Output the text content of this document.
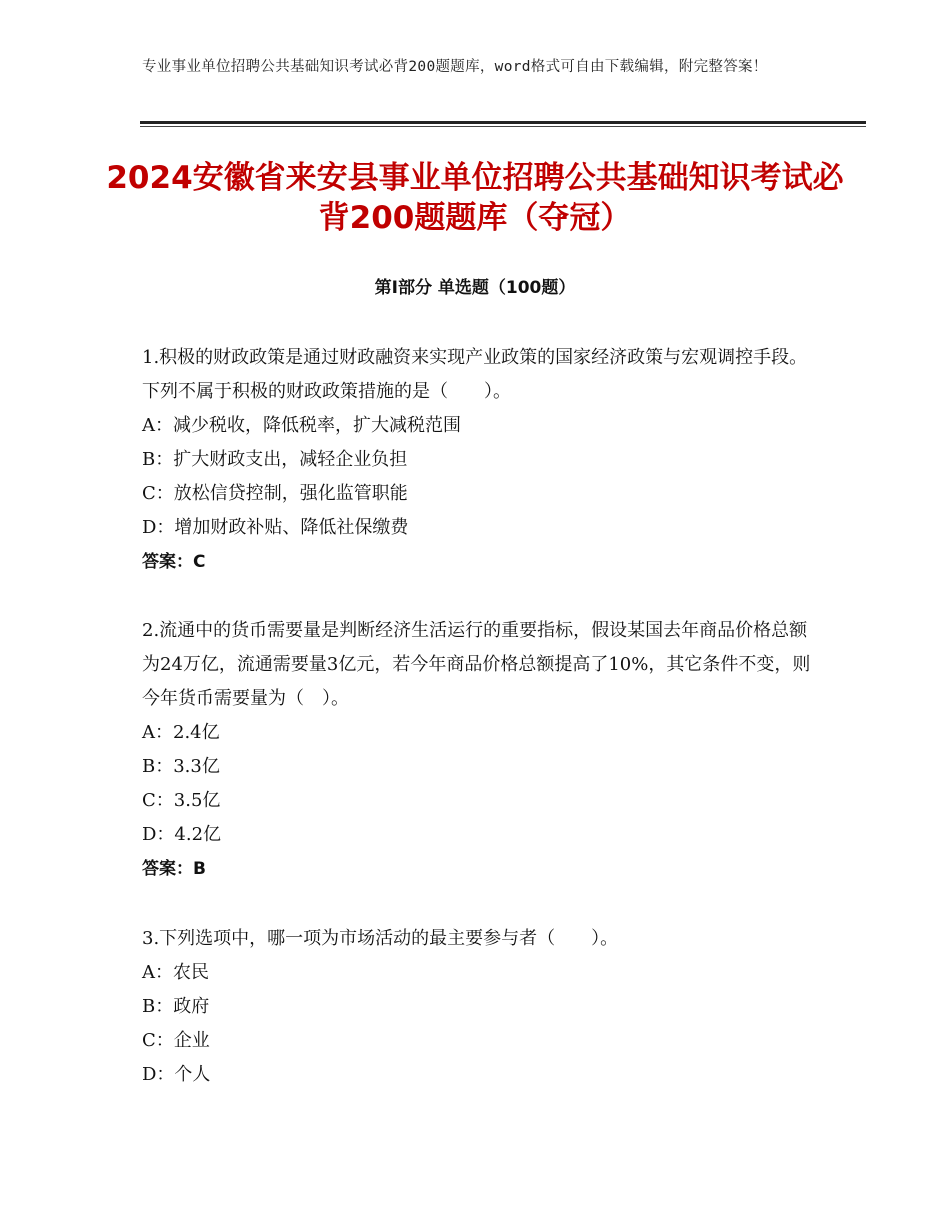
专业事业单位招聘公共基础知识考试必背200题题库，word格式可自由下载编辑，附完整答案！
2024安徽省来安县事业单位招聘公共基础知识考试必背200题题库（夺冠）
第Ⅰ部分 单选题（100题）

1.积极的财政政策是通过财政融资来实现产业政策的国家经济政策与宏观调控手段。下列不属于积极的财政政策措施的是（　　）。

A：减少税收，降低税率，扩大减税范围

B：扩大财政支出，减轻企业负担

C：放松信贷控制，强化监管职能

D：增加财政补贴、降低社保缴费

答案：C

2.流通中的货币需要量是判断经济生活运行的重要指标，假设某国去年商品价格总额为24万亿，流通需要量3亿元，若今年商品价格总额提高了10%，其它条件不变，则今年货币需要量为（　）。

A：2.4亿

B：3.3亿

C：3.5亿

D：4.2亿

答案：B

3.下列选项中，哪一项为市场活动的最主要参与者（　　）。

A：农民

B：政府

C：企业

D：个人
